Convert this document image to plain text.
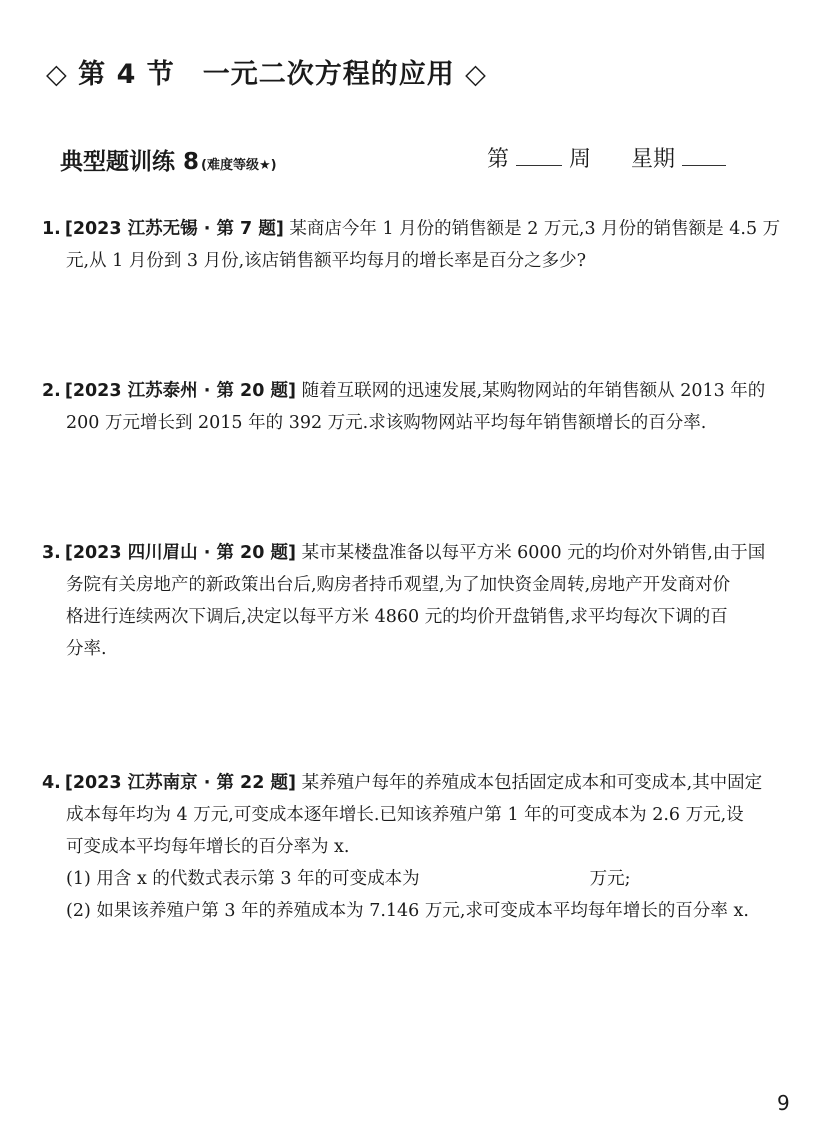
◇ 第 4 节 一元二次方程的应用 ◇
典型题训练 8 (难度等级★)	第	周 星期

1. [2023 江苏无锡 · 第 7 题] 某商店今年 1 月份的销售额是 2 万元,3 月份的销售额是 4.5 万

元,从 1 月份到 3 月份,该店销售额平均每月的增长率是百分之多少?

2. [2023 江苏泰州 · 第 20 题] 随着互联网的迅速发展,某购物网站的年销售额从 2013 年的

200 万元增长到 2015 年的 392 万元.求该购物网站平均每年销售额增长的百分率.

3. [2023 四川眉山 · 第 20 题] 某市某楼盘准备以每平方米 6000 元的均价对外销售,由于国

务院有关房地产的新政策出台后,购房者持币观望,为了加快资金周转,房地产开发商对价

格进行连续两次下调后,决定以每平方米 4860 元的均价开盘销售,求平均每次下调的百

分率.

4. [2023 江苏南京 · 第 22 题] 某养殖户每年的养殖成本包括固定成本和可变成本,其中固定

成本每年均为 4 万元,可变成本逐年增长.已知该养殖户第 1 年的可变成本为 2.6 万元,设

可变成本平均每年增长的百分率为 x.

(1) 用含 x 的代数式表示第 3 年的可变成本为	万元;

(2) 如果该养殖户第 3 年的养殖成本为 7.146 万元,求可变成本平均每年增长的百分率 x.

9
